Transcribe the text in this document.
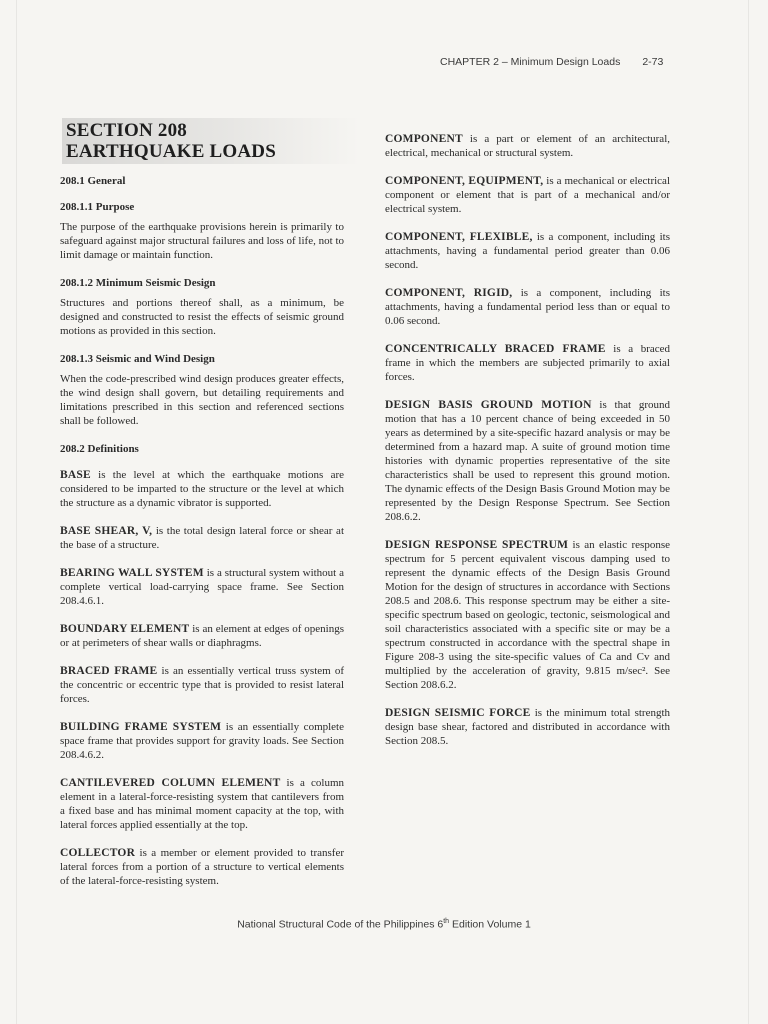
CHAPTER 2 – Minimum Design Loads 2-73
SECTION 208
EARTHQUAKE LOADS
208.1 General
208.1.1 Purpose

The purpose of the earthquake provisions herein is primarily to safeguard against major structural failures and loss of life, not to limit damage or maintain function.

208.1.2 Minimum Seismic Design

Structures and portions thereof shall, as a minimum, be designed and constructed to resist the effects of seismic ground motions as provided in this section.

208.1.3 Seismic and Wind Design

When the code-prescribed wind design produces greater effects, the wind design shall govern, but detailing requirements and limitations prescribed in this section and referenced sections shall be followed.

208.2 Definitions

BASE is the level at which the earthquake motions are considered to be imparted to the structure or the level at which the structure as a dynamic vibrator is supported.

BASE SHEAR, V, is the total design lateral force or shear at the base of a structure.

BEARING WALL SYSTEM is a structural system without a complete vertical load-carrying space frame. See Section 208.4.6.1.

BOUNDARY ELEMENT is an element at edges of openings or at perimeters of shear walls or diaphragms.

BRACED FRAME is an essentially vertical truss system of the concentric or eccentric type that is provided to resist lateral forces.

BUILDING FRAME SYSTEM is an essentially complete space frame that provides support for gravity loads. See Section 208.4.6.2.

CANTILEVERED COLUMN ELEMENT is a column element in a lateral-force-resisting system that cantilevers from a fixed base and has minimal moment capacity at the top, with lateral forces applied essentially at the top.

COLLECTOR is a member or element provided to transfer lateral forces from a portion of a structure to vertical elements of the lateral-force-resisting system.

COMPONENT is a part or element of an architectural, electrical, mechanical or structural system.

COMPONENT, EQUIPMENT, is a mechanical or electrical component or element that is part of a mechanical and/or electrical system.

COMPONENT, FLEXIBLE, is a component, including its attachments, having a fundamental period greater than 0.06 second.

COMPONENT, RIGID, is a component, including its attachments, having a fundamental period less than or equal to 0.06 second.

CONCENTRICALLY BRACED FRAME is a braced frame in which the members are subjected primarily to axial forces.

DESIGN BASIS GROUND MOTION is that ground motion that has a 10 percent chance of being exceeded in 50 years as determined by a site-specific hazard analysis or may be determined from a hazard map. A suite of ground motion time histories with dynamic properties representative of the site characteristics shall be used to represent this ground motion. The dynamic effects of the Design Basis Ground Motion may be represented by the Design Response Spectrum. See Section 208.6.2.

DESIGN RESPONSE SPECTRUM is an elastic response spectrum for 5 percent equivalent viscous damping used to represent the dynamic effects of the Design Basis Ground Motion for the design of structures in accordance with Sections 208.5 and 208.6. This response spectrum may be either a site-specific spectrum based on geologic, tectonic, seismological and soil characteristics associated with a specific site or may be a spectrum constructed in accordance with the spectral shape in Figure 208-3 using the site-specific values of Ca and Cv and multiplied by the acceleration of gravity, 9.815 m/sec². See Section 208.6.2.

DESIGN SEISMIC FORCE is the minimum total strength design base shear, factored and distributed in accordance with Section 208.5.

National Structural Code of the Philippines 6th Edition Volume 1
